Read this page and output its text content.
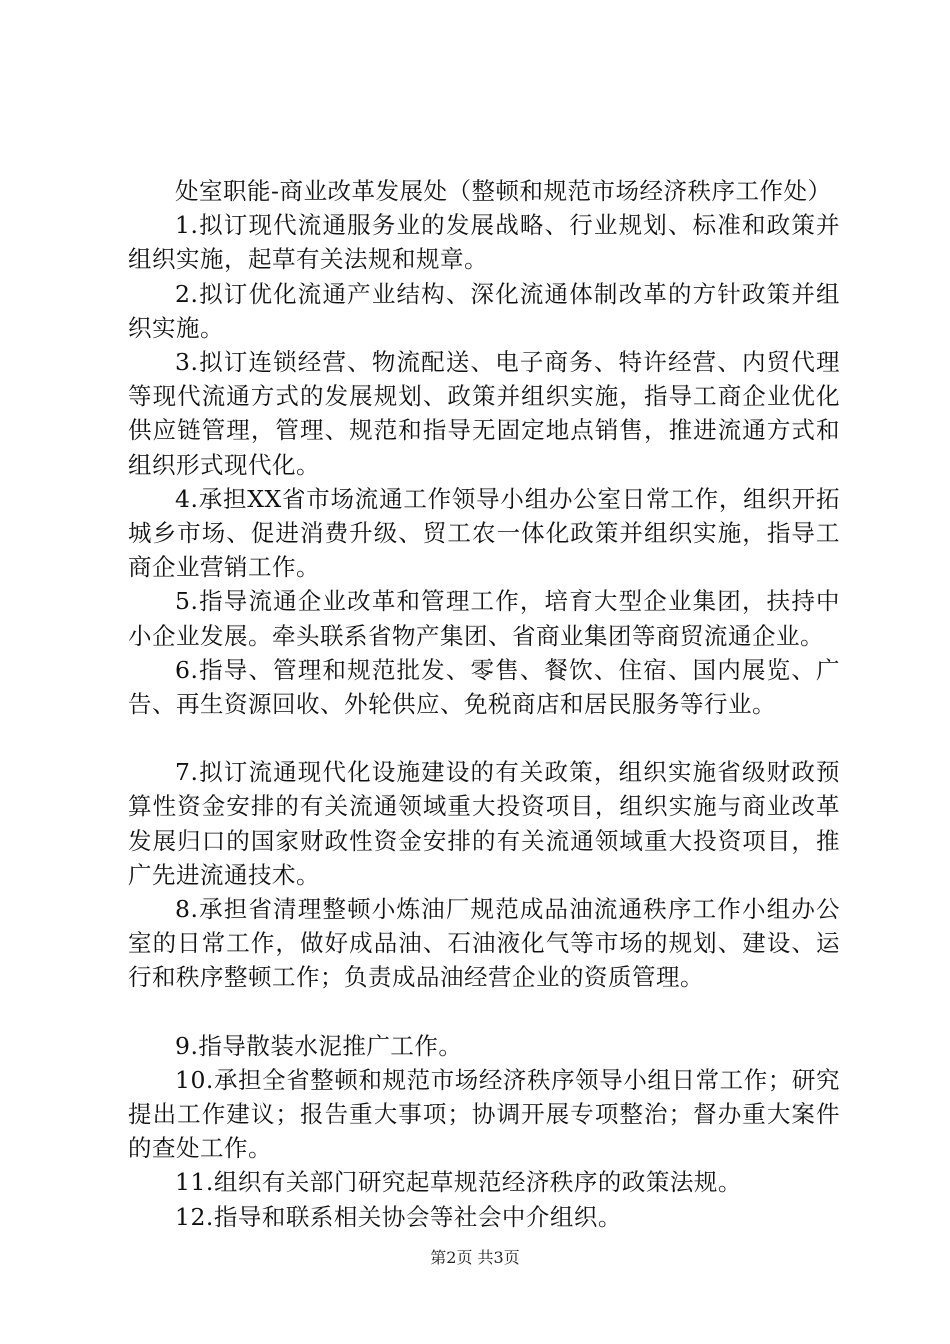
处室职能-商业改革发展处（整顿和规范市场经济秩序工作处）

1.拟订现代流通服务业的发展战略、行业规划、标准和政策并组织实施，起草有关法规和规章。

2.拟订优化流通产业结构、深化流通体制改革的方针政策并组织实施。

3.拟订连锁经营、物流配送、电子商务、特许经营、内贸代理等现代流通方式的发展规划、政策并组织实施，指导工商企业优化供应链管理，管理、规范和指导无固定地点销售，推进流通方式和组织形式现代化。

4.承担XX省市场流通工作领导小组办公室日常工作，组织开拓城乡市场、促进消费升级、贸工农一体化政策并组织实施，指导工商企业营销工作。

5.指导流通企业改革和管理工作，培育大型企业集团，扶持中小企业发展。牵头联系省物产集团、省商业集团等商贸流通企业。

6.指导、管理和规范批发、零售、餐饮、住宿、国内展览、广告、再生资源回收、外轮供应、免税商店和居民服务等行业。

7.拟订流通现代化设施建设的有关政策，组织实施省级财政预算性资金安排的有关流通领域重大投资项目，组织实施与商业改革发展归口的国家财政性资金安排的有关流通领域重大投资项目，推广先进流通技术。

8.承担省清理整顿小炼油厂规范成品油流通秩序工作小组办公室的日常工作，做好成品油、石油液化气等市场的规划、建设、运行和秩序整顿工作；负责成品油经营企业的资质管理。

9.指导散装水泥推广工作。

10.承担全省整顿和规范市场经济秩序领导小组日常工作；研究提出工作建议；报告重大事项；协调开展专项整治；督办重大案件的查处工作。

11.组织有关部门研究起草规范经济秩序的政策法规。

12.指导和联系相关协会等社会中介组织。

第2页 共3页
